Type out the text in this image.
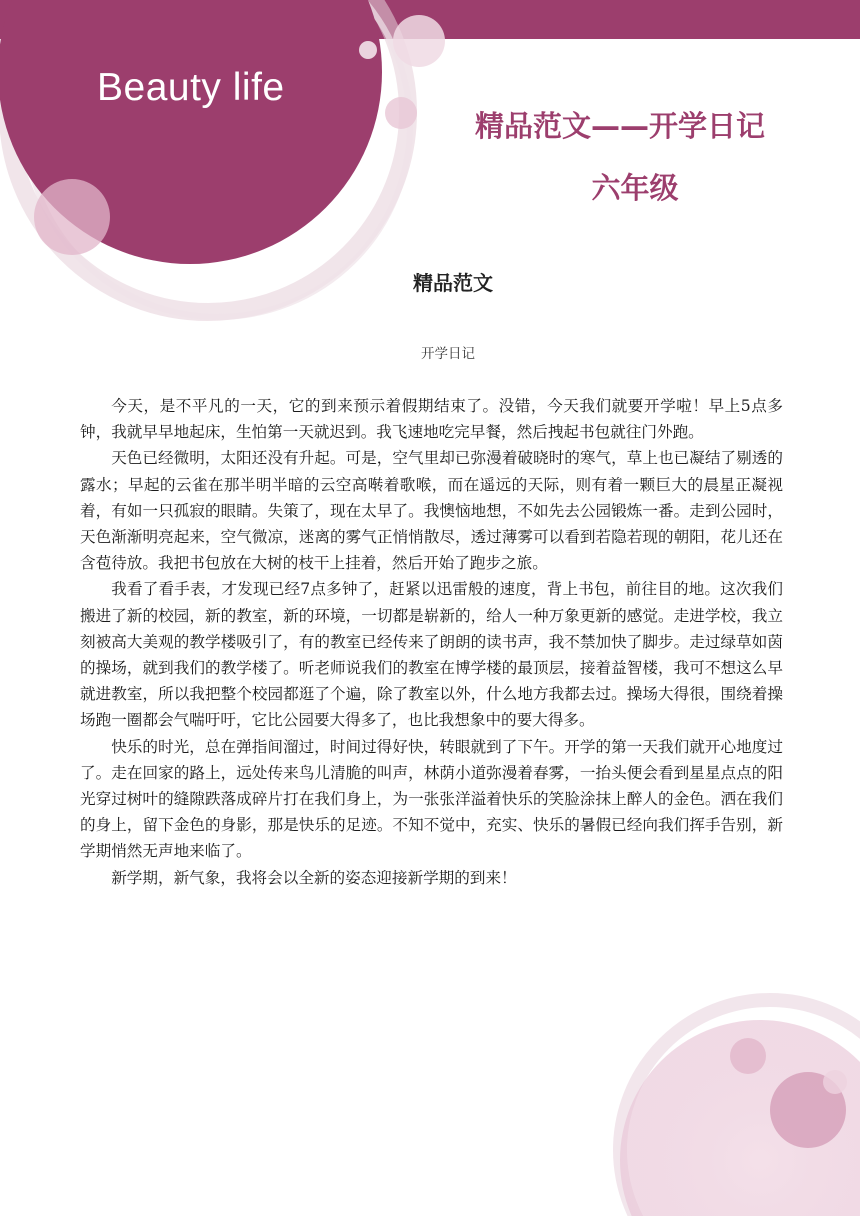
Beauty life
精品范文——开学日记
六年级
精品范文
开学日记

今天，是不平凡的一天，它的到来预示着假期结束了。没错，今天我们就要开学啦！早上5点多钟，我就早早地起床，生怕第一天就迟到。我飞速地吃完早餐，然后拽起书包就往门外跑。

天色已经微明，太阳还没有升起。可是，空气里却已弥漫着破晓时的寒气，草上也已凝结了剔透的露水；早起的云雀在那半明半暗的云空高啭着歌喉，而在遥远的天际，则有着一颗巨大的晨星正凝视着，有如一只孤寂的眼睛。失策了，现在太早了。我懊恼地想，不如先去公园锻炼一番。走到公园时，天色渐渐明亮起来，空气微凉，迷离的雾气正悄悄散尽，透过薄雾可以看到若隐若现的朝阳，花儿还在含苞待放。我把书包放在大树的枝干上挂着，然后开始了跑步之旅。

我看了看手表，才发现已经7点多钟了，赶紧以迅雷般的速度，背上书包，前往目的地。这次我们搬进了新的校园，新的教室，新的环境，一切都是崭新的，给人一种万象更新的感觉。走进学校，我立刻被高大美观的教学楼吸引了，有的教室已经传来了朗朗的读书声，我不禁加快了脚步。走过绿草如茵的操场，就到我们的教学楼了。听老师说我们的教室在博学楼的最顶层，接着益智楼，我可不想这么早就进教室，所以我把整个校园都逛了个遍，除了教室以外，什么地方我都去过。操场大得很，围绕着操场跑一圈都会气喘吁吁，它比公园要大得多了，也比我想象中的要大得多。

快乐的时光，总在弹指间溜过，时间过得好快，转眼就到了下午。开学的第一天我们就开心地度过了。走在回家的路上，远处传来鸟儿清脆的叫声，林荫小道弥漫着春雾，一抬头便会看到星星点点的阳光穿过树叶的缝隙跌落成碎片打在我们身上，为一张张洋溢着快乐的笑脸涂抹上醉人的金色。洒在我们的身上，留下金色的身影，那是快乐的足迹。不知不觉中，充实、快乐的暑假已经向我们挥手告别，新学期悄然无声地来临了。

新学期，新气象，我将会以全新的姿态迎接新学期的到来！
